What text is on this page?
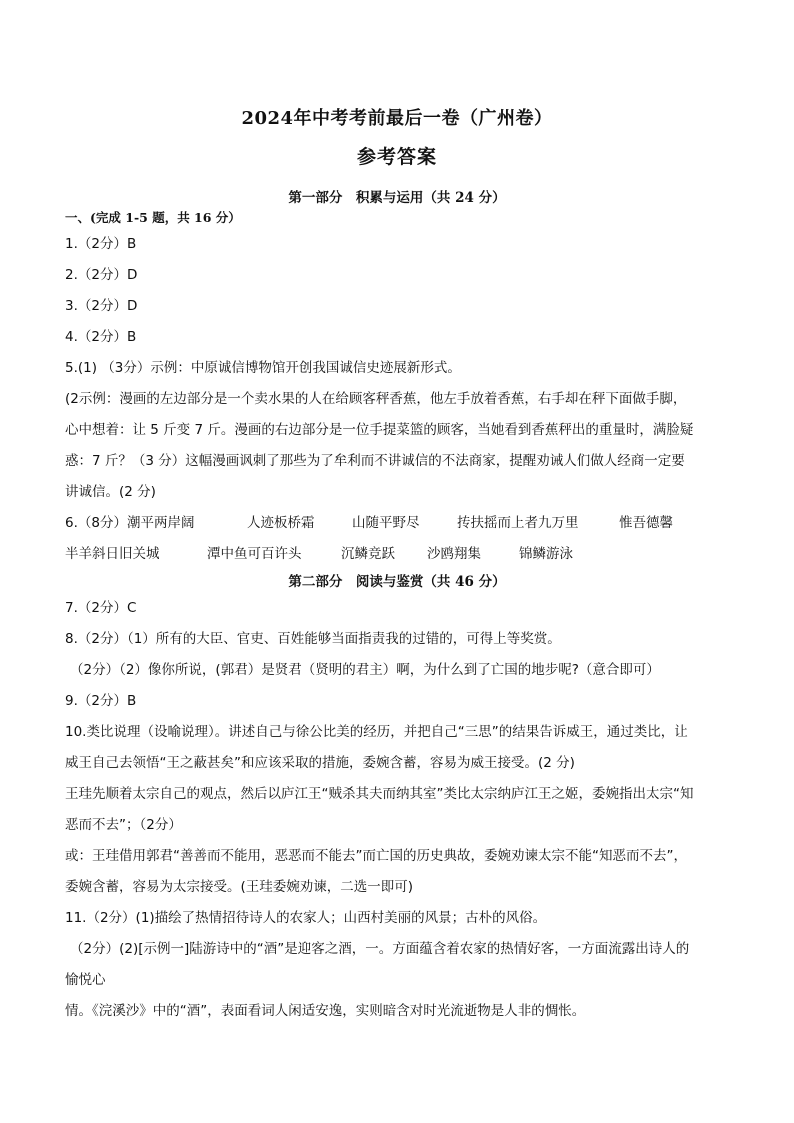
2024年中考考前最后一卷（广州卷）
参考答案
第一部分　积累与运用（共 24 分）
一、(完成 1-5 题，共 16 分）
1.（2分）B
2.（2分）D
3.（2分）D
4.（2分）B
5.(1) （3分）示例：中原诚信博物馆开创我国诚信史迹展新形式。
(2示例：漫画的左边部分是一个卖水果的人在给顾客秤香蕉，他左手放着香蕉，右手却在秤下面做手脚，
心中想着：让 5 斤变 7 斤。漫画的右边部分是一位手提菜篮的顾客，当她看到香蕉秤出的重量时，满脸疑
惑：7 斤？（3 分）这幅漫画讽刺了那些为了牟利而不讲诚信的不法商家，提醒劝诫人们做人经商一定要
讲诚信。(2 分)
6.（8分）潮平两岸阔	人迹板桥霜	山随平野尽	抟扶摇而上者九万里	惟吾德馨
半羊斜日旧关城	潭中鱼可百许头	沉鳞竞跃 沙鸥翔集	锦鳞游泳
第二部分　阅读与鉴赏（共 46 分）
7.（2分）C
8.（2分）（1）所有的大臣、官吏、百姓能够当面指责我的过错的，可得上等奖赏。
（2分）（2）像你所说，(郭君）是贤君（贤明的君主）啊，为什么到了亡国的地步呢?（意合即可）
9.（2分）B
10.类比说理（设喻说理）。讲述自己与徐公比美的经历，并把自己“三思”的结果告诉威王，通过类比，让
威王自己去领悟“王之蔽甚矣”和应该采取的措施，委婉含蓄，容易为威王接受。(2 分)
王珪先顺着太宗自己的观点，然后以庐江王“贼杀其夫而纳其室”类比太宗纳庐江王之姬，委婉指出太宗“知
恶而不去”；（2分）
或：王珪借用郭君“善善而不能用，恶恶而不能去”而亡国的历史典故，委婉劝谏太宗不能“知恶而不去”，
委婉含蓄，容易为太宗接受。(王珪委婉劝谏，二选一即可)
11.（2分）(1)描绘了热情招待诗人的农家人；山西村美丽的风景；古朴的风俗。
（2分）(2)[示例一]陆游诗中的“酒”是迎客之酒，一。方面蕴含着农家的热情好客，一方面流露出诗人的
愉悦心
情。《浣溪沙》中的“酒”，表面看词人闲适安逸，实则暗含对时光流逝物是人非的惆怅。
